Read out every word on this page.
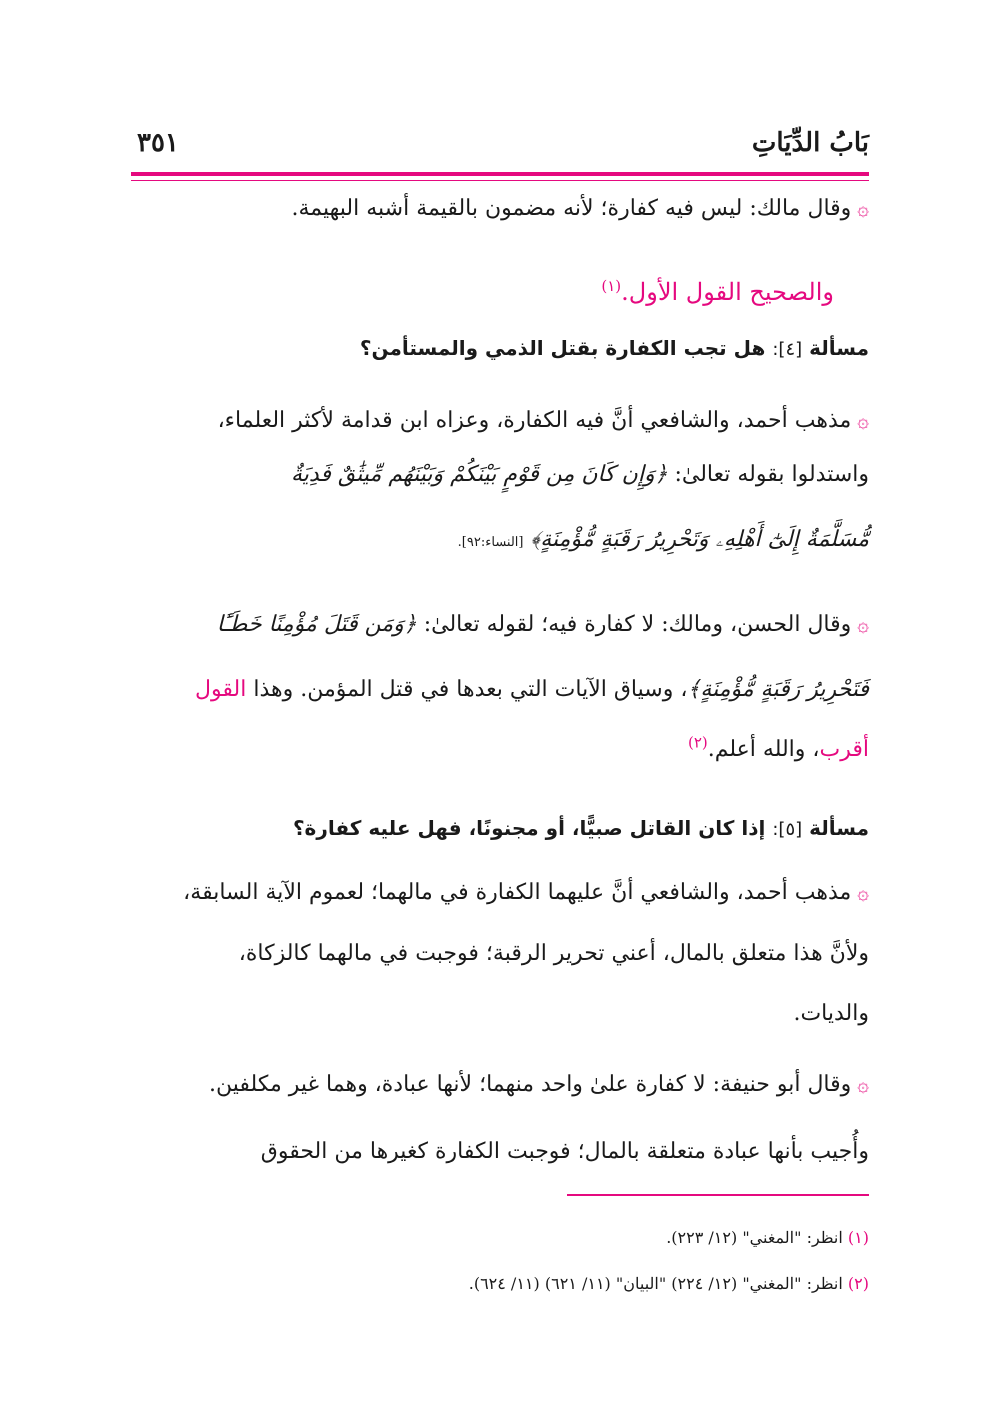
بَابُ الدِّيَاتِ
٣٥١
۞وقال مالك: ليس فيه كفارة؛ لأنه مضمون بالقيمة أشبه البهيمة.
والصحيح القول الأول.$^{(١)}$
مسألة [٤]: هل تجب الكفارة بقتل الذمي والمستأمن؟
۞مذهب أحمد، والشافعي أنَّ فيه الكفارة، وعزاه ابن قدامة لأكثر العلماء،
واستدلوا بقوله تعالىٰ: ﴿وَإِن كَانَ مِن قَوْمٍ بَيْنَكُمْ وَبَيْنَهُم مِّيثَٰقٌ فَدِيَةٌ
مُّسَلَّمَةٌ إِلَىٰٓ أَهْلِهِۦ وَتَحْرِيرُ رَقَبَةٍ مُّؤْمِنَةٍ﴾ [النساء:٩٢].
۞وقال الحسن، ومالك: لا كفارة فيه؛ لقوله تعالىٰ: ﴿وَمَن قَتَلَ مُؤْمِنًا خَطَـًٔا
فَتَحْرِيرُ رَقَبَةٍ مُّؤْمِنَةٍ﴾، وسياق الآيات التي بعدها في قتل المؤمن. وهذا القول
أقرب، والله أعلم.$^{(٢)}$
مسألة [٥]: إذا كان القاتل صبيًّا، أو مجنونًا، فهل عليه كفارة؟
۞مذهب أحمد، والشافعي أنَّ عليهما الكفارة في مالهما؛ لعموم الآية السابقة،
ولأنَّ هذا متعلق بالمال، أعني تحرير الرقبة؛ فوجبت في مالهما كالزكاة،
والديات.
۞وقال أبو حنيفة: لا كفارة علىٰ واحد منهما؛ لأنها عبادة، وهما غير مكلفين.
وأُجيب بأنها عبادة متعلقة بالمال؛ فوجبت الكفارة كغيرها من الحقوق
(١) انظر: "المغني" (١٢/ ٢٢٣).
(٢) انظر: "المغني" (١٢/ ٢٢٤) "البيان" (١١/ ٦٢١) (١١/ ٦٢٤).
